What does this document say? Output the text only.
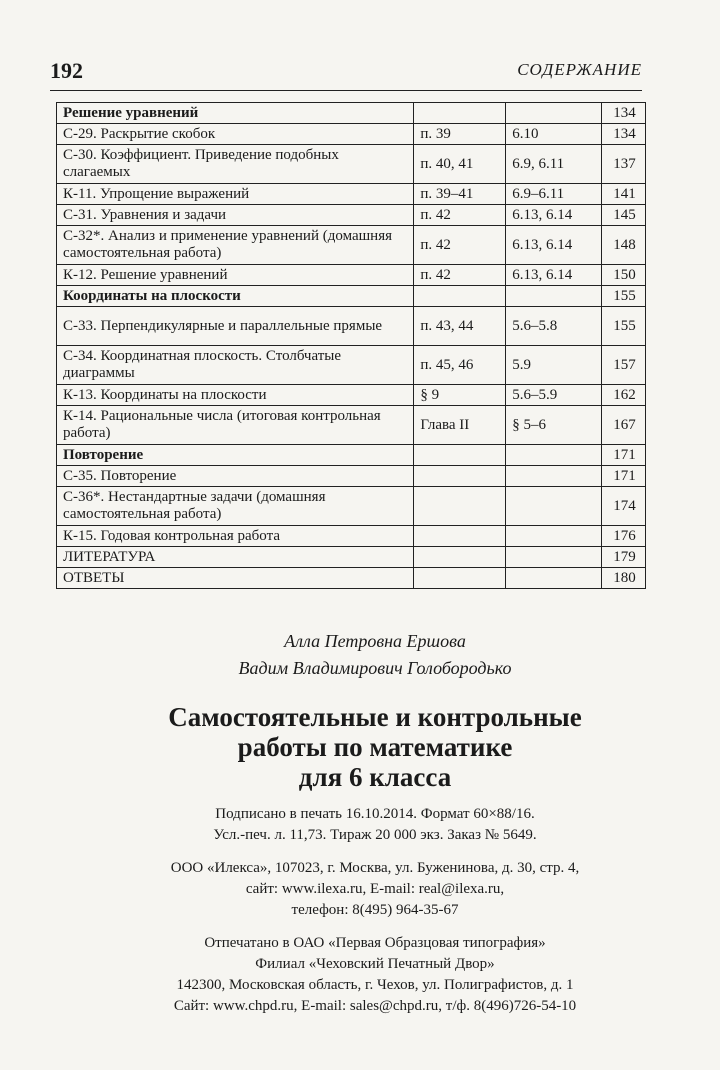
192	СОДЕРЖАНИЕ
Решение уравнений			134
С-29. Раскрытие скобок	п. 39	6.10	134
С-30. Коэффициент. Приведение подобных слагаемых	п. 40, 41	6.9, 6.11	137
К-11. Упрощение выражений	п. 39–41	6.9–6.11	141
С-31. Уравнения и задачи	п. 42	6.13, 6.14	145
С-32*. Анализ и применение уравнений (домашняя самостоятельная работа)	п. 42	6.13, 6.14	148
К-12. Решение уравнений	п. 42	6.13, 6.14	150
Координаты на плоскости			155
С-33. Перпендикулярные и параллельные прямые	п. 43, 44	5.6–5.8	155
С-34. Координатная плоскость. Столбчатые диаграммы	п. 45, 46	5.9	157
К-13. Координаты на плоскости	§ 9	5.6–5.9	162
К-14. Рациональные числа (итоговая контрольная работа)	Глава II	§ 5–6	167
Повторение			171
С-35. Повторение			171
С-36*. Нестандартные задачи (домашняя самостоятельная работа)			174
К-15. Годовая контрольная работа			176
ЛИТЕРАТУРА			179
ОТВЕТЫ			180
Алла Петровна Ершова
Вадим Владимирович Голобородько
Самостоятельные и контрольные
работы по математике
для 6 класса
Подписано в печать 16.10.2014. Формат 60×88/16.
Усл.-печ. л. 11,73. Тираж 20 000 экз. Заказ № 5649.
ООО «Илекса», 107023, г. Москва, ул. Буженинова, д. 30, стр. 4,
сайт: www.ilexa.ru, E-mail: real@ilexa.ru,
телефон: 8(495) 964-35-67
Отпечатано в ОАО «Первая Образцовая типография»
Филиал «Чеховский Печатный Двор»
142300, Московская область, г. Чехов, ул. Полиграфистов, д. 1
Сайт: www.chpd.ru, E-mail: sales@chpd.ru, т/ф. 8(496)726-54-10
